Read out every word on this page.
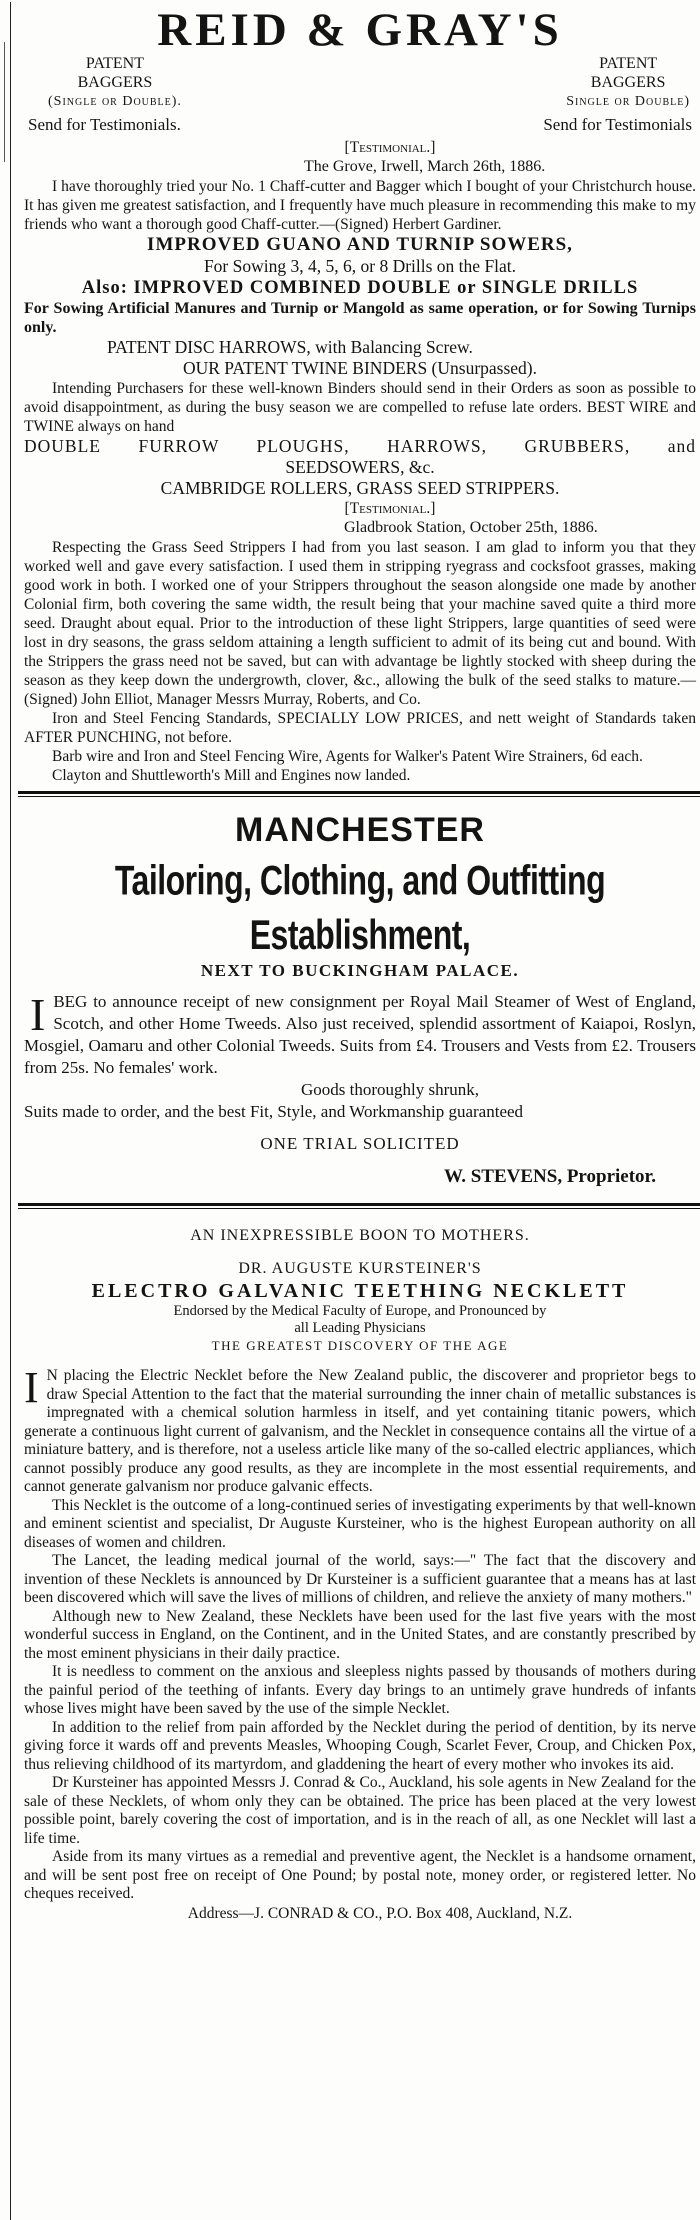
REID & GRAY'S
PATENT
BAGGERS
(Single or Double).
PATENT
BAGGERS
Single or Double)
Send for Testimonials.	Send for Testimonials
[Testimonial.]
The Grove, Irwell, March 26th, 1886.
I have thoroughly tried your No. 1 Chaff-cutter and Bagger which I bought of your Christchurch house. It has given me greatest satisfaction, and I frequently have much pleasure in recommending this make to my friends who want a thorough good Chaff-cutter.—(Signed) Herbert Gardiner.
IMPROVED GUANO AND TURNIP SOWERS,
For Sowing 3, 4, 5, 6, or 8 Drills on the Flat.
Also: IMPROVED COMBINED DOUBLE or SINGLE DRILLS
For Sowing Artificial Manures and Turnip or Mangold as same operation, or for Sowing Turnips only.
PATENT DISC HARROWS, with Balancing Screw.
OUR PATENT TWINE BINDERS (Unsurpassed).
Intending Purchasers for these well-known Binders should send in their Orders as soon as possible to avoid disappointment, as during the busy season we are compelled to refuse late orders. BEST WIRE and TWINE always on hand
DOUBLE FURROW PLOUGHS, HARROWS, GRUBBERS, and
SEEDSOWERS, &c.
CAMBRIDGE ROLLERS, GRASS SEED STRIPPERS.
[Testimonial.]
Gladbrook Station, October 25th, 1886.
Respecting the Grass Seed Strippers I had from you last season. I am glad to inform you that they worked well and gave every satisfaction. I used them in stripping ryegrass and cocksfoot grasses, making good work in both. I worked one of your Strippers throughout the season alongside one made by another Colonial firm, both covering the same width, the result being that your machine saved quite a third more seed. Draught about equal. Prior to the introduction of these light Strippers, large quantities of seed were lost in dry seasons, the grass seldom attaining a length sufficient to admit of its being cut and bound. With the Strippers the grass need not be saved, but can with advantage be lightly stocked with sheep during the season as they keep down the undergrowth, clover, &c., allowing the bulk of the seed stalks to mature.—(Signed) John Elliot, Manager Messrs Murray, Roberts, and Co.
Iron and Steel Fencing Standards, SPECIALLY LOW PRICES, and nett weight of Standards taken AFTER PUNCHING, not before.
Barb wire and Iron and Steel Fencing Wire, Agents for Walker's Patent Wire Strainers, 6d each.
Clayton and Shuttleworth's Mill and Engines now landed.
MANCHESTER
Tailoring, Clothing, and Outfitting Establishment,
NEXT TO BUCKINGHAM PALACE.
I BEG to announce receipt of new consignment per Royal Mail Steamer of West of England, Scotch, and other Home Tweeds. Also just received, splendid assortment of Kaiapoi, Roslyn, Mosgiel, Oamaru and other Colonial Tweeds. Suits from £4. Trousers and Vests from £2. Trousers from 25s. No females' work.
Goods thoroughly shrunk,
Suits made to order, and the best Fit, Style, and Workmanship guaranteed
ONE TRIAL SOLICITED
W. STEVENS, Proprietor.
AN INEXPRESSIBLE BOON TO MOTHERS.
DR. AUGUSTE KURSTEINER'S
ELECTRO GALVANIC TEETHING NECKLETT
Endorsed by the Medical Faculty of Europe, and Pronounced by
all Leading Physicians
THE GREATEST DISCOVERY OF THE AGE
I N placing the Electric Necklet before the New Zealand public, the discoverer and proprietor begs to draw Special Attention to the fact that the material surrounding the inner chain of metallic substances is impregnated with a chemical solution harmless in itself, and yet containing titanic powers, which generate a continuous light current of galvanism, and the Necklet in consequence contains all the virtue of a miniature battery, and is therefore, not a useless article like many of the so-called electric appliances, which cannot possibly produce any good results, as they are incomplete in the most essential requirements, and cannot generate galvanism nor produce galvanic effects.
This Necklet is the outcome of a long-continued series of investigating experiments by that well-known and eminent scientist and specialist, Dr Auguste Kursteiner, who is the highest European authority on all diseases of women and children.
The Lancet, the leading medical journal of the world, says:—" The fact that the discovery and invention of these Necklets is announced by Dr Kursteiner is a sufficient guarantee that a means has at last been discovered which will save the lives of millions of children, and relieve the anxiety of many mothers."
Although new to New Zealand, these Necklets have been used for the last five years with the most wonderful success in England, on the Continent, and in the United States, and are constantly prescribed by the most eminent physicians in their daily practice.
It is needless to comment on the anxious and sleepless nights passed by thousands of mothers during the painful period of the teething of infants. Every day brings to an untimely grave hundreds of infants whose lives might have been saved by the use of the simple Necklet.
In addition to the relief from pain afforded by the Necklet during the period of dentition, by its nerve giving force it wards off and prevents Measles, Whooping Cough, Scarlet Fever, Croup, and Chicken Pox, thus relieving childhood of its martyrdom, and gladdening the heart of every mother who invokes its aid.
Dr Kursteiner has appointed Messrs J. Conrad & Co., Auckland, his sole agents in New Zealand for the sale of these Necklets, of whom only they can be obtained. The price has been placed at the very lowest possible point, barely covering the cost of importation, and is in the reach of all, as one Necklet will last a life time.
Aside from its many virtues as a remedial and preventive agent, the Necklet is a handsome ornament, and will be sent post free on receipt of One Pound; by postal note, money order, or registered letter. No cheques received.
Address—J. CONRAD & CO., P.O. Box 408, Auckland, N.Z.
